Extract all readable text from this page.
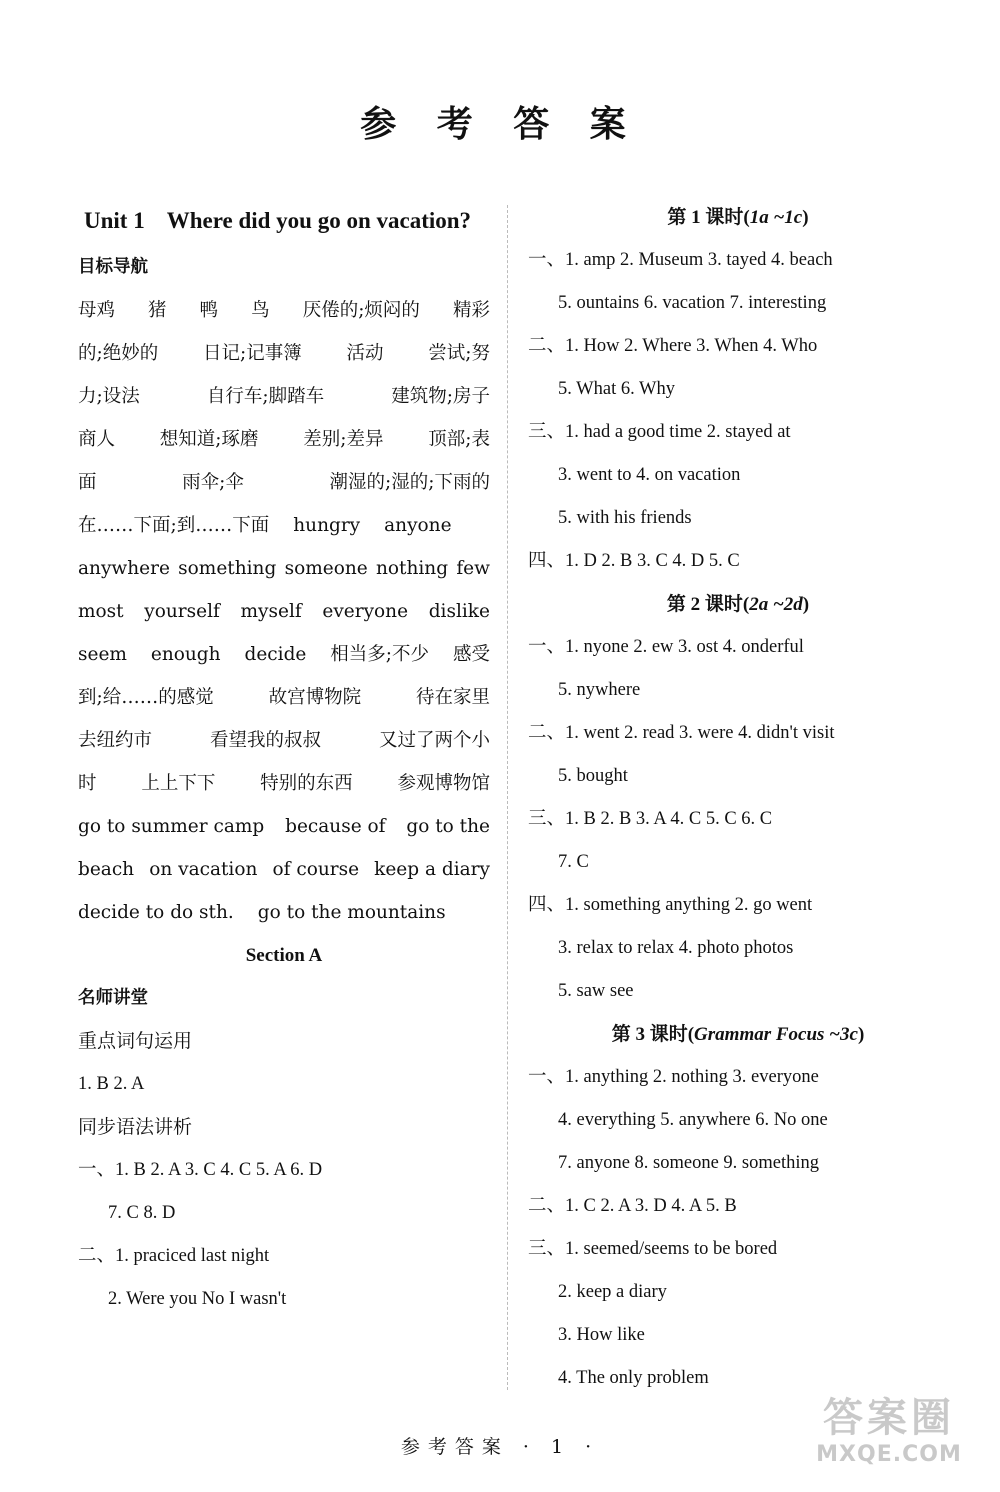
参 考 答 案
Unit 1 Where did you go on vacation?
目标导航
母鸡 猪 鸭 鸟 厌倦的;烦闷的 精彩
的;绝妙的 日记;记事簿 活动 尝试;努
力;设法	自行车;脚踏车	建筑物;房子
商人 想知道;琢磨 差别;差异 顶部;表
面	雨伞;伞	潮湿的;湿的;下雨的
在……下面;到……下面 hungry anyone
anywhere something someone nothing few
most yourself myself everyone dislike
seem enough decide 相当多;不少 感受
到;给……的感觉	故宫博物院	待在家里
去纽约市	看望我的叔叔	又过了两个小
时 上上下下 特别的东西 参观博物馆
go to summer camp because of go to the
beach on vacation of course keep a diary
decide to do sth. go to the mountains
Section A
名师讲堂
重点词句运用
1. B 2. A
同步语法讲析
一、1. B 2. A 3. C 4. C 5. A 6. D
7. C 8. D
二、1. praciced last night
2. Were you No I wasn't
第 1 课时(1a ~1c)
一、1. amp 2. Museum 3. tayed 4. beach
5. ountains 6. vacation 7. interesting
二、1. How 2. Where 3. When 4. Who
5. What 6. Why
三、1. had a good time 2. stayed at
3. went to 4. on vacation
5. with his friends
四、1. D 2. B 3. C 4. D 5. C
第 2 课时(2a ~2d)
一、1. nyone 2. ew 3. ost 4. onderful
5. nywhere
二、1. went 2. read 3. were 4. didn't visit
5. bought
三、1. B 2. B 3. A 4. C 5. C 6. C
7. C
四、1. something anything 2. go went
3. relax to relax 4. photo photos
5. saw see
第 3 课时(Grammar Focus ~3c)
一、1. anything 2. nothing 3. everyone
4. everything 5. anywhere 6. No one
7. anyone 8. someone 9. something
二、1. C 2. A 3. D 4. A 5. B
三、1. seemed/seems to be bored
2. keep a diary
3. How like
4. The only problem
参考答案 · 1 ·
答案圈
MXQE.COM
